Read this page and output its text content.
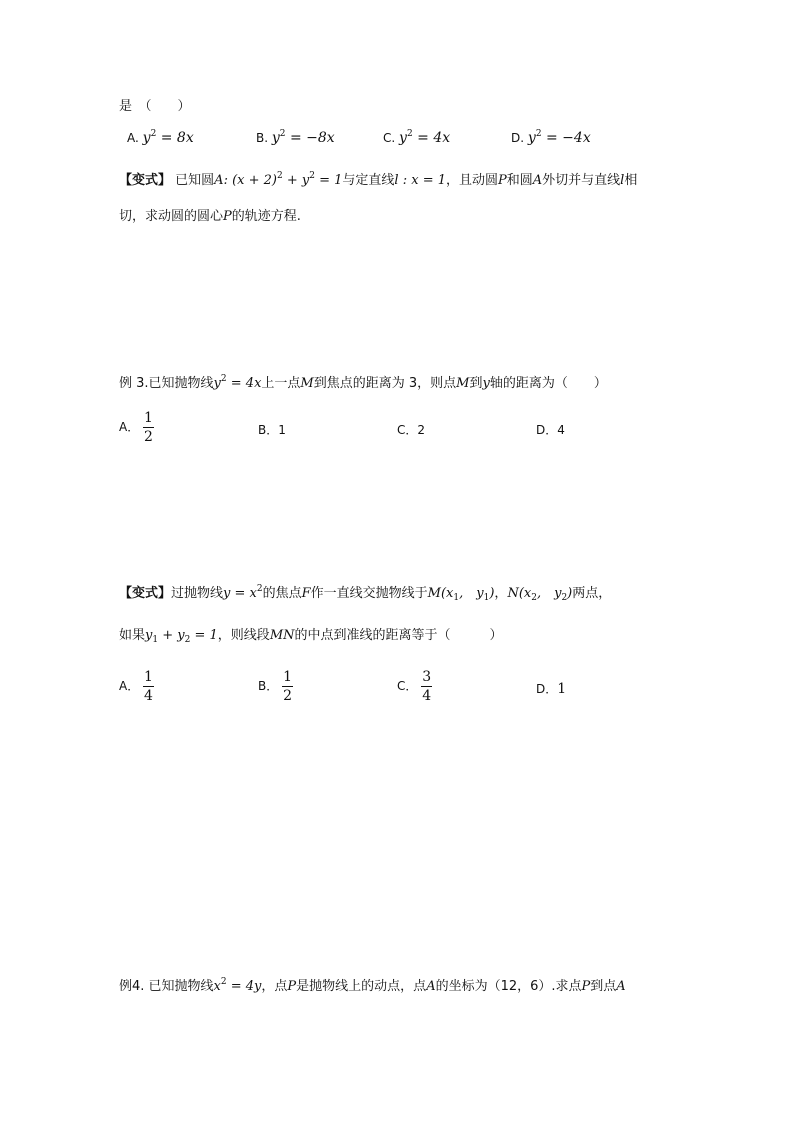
是　（　　）
A. $y^2 = 8x$	B. $y^2 = -8x$	C. $y^2 = 4x$	D. $y^2 = -4x$
【变式】 已知圆A: $(x + 2)^2 + y^2 = 1$与定直线l : x = 1，且动圆P和圆A外切并与直线l相
切，求动圆的圆心P的轨迹方程.
例 3.已知抛物线$y^2 = 4x$上一点M到焦点的距离为 3，则点M到y轴的距离为（　　）
A． $\frac{1}{2}$	B．1	C．2	D．4
【变式】过抛物线$y = x^2$的焦点F作一直线交抛物线于$M(x_1$,　$y_1$)，$N(x_2$,　$y_2$)两点，
如果$y_1 + y_2 = 1$，则线段MN的中点到准线的距离等于（　　　）
A． $\frac{1}{4}$	B． $\frac{1}{2}$	C． $\frac{3}{4}$	D．1
例4. 已知抛物线$x^2 = 4y$，点P是抛物线上的动点，点A的坐标为（12，6）.求点P到点A
